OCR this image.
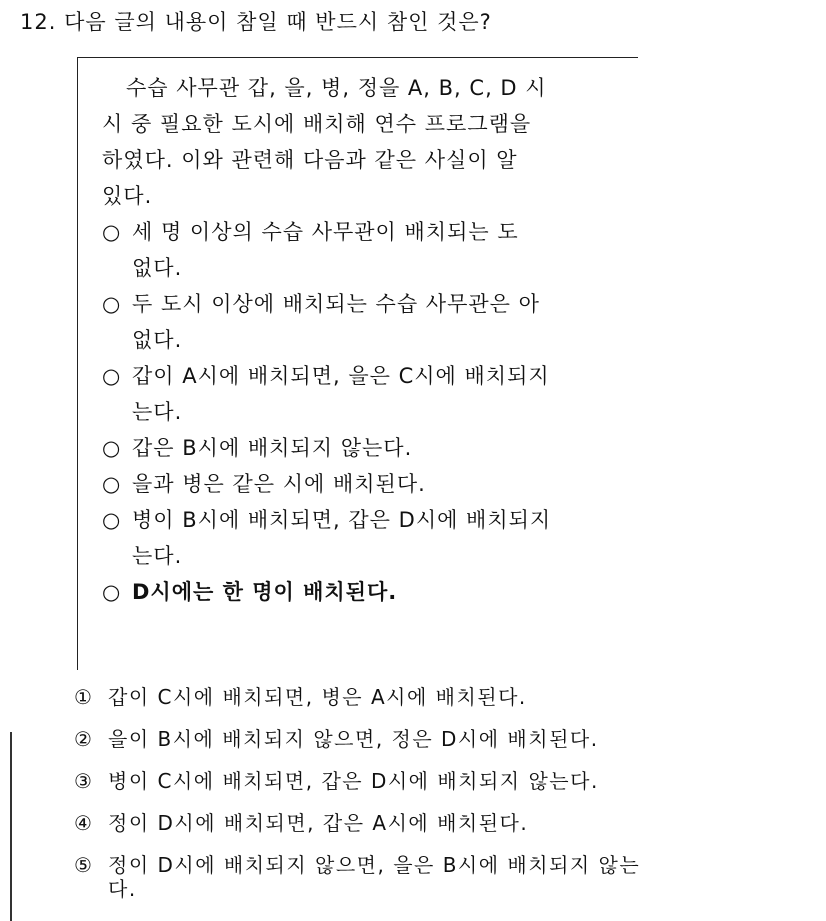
12. 다음 글의 내용이 참일 때 반드시 참인 것은?
수습 사무관 갑, 을, 병, 정을 A, B, C, D 시
시 중 필요한 도시에 배치해 연수 프로그램을
하였다. 이와 관련해 다음과 같은 사실이 알
있다.
○ 세 명 이상의 수습 사무관이 배치되는 도
없다.
○ 두 도시 이상에 배치되는 수습 사무관은 아
없다.
○ 갑이 A시에 배치되면, 을은 C시에 배치되지
는다.
○ 갑은 B시에 배치되지 않는다.
○ 을과 병은 같은 시에 배치된다.
○ 병이 B시에 배치되면, 갑은 D시에 배치되지
는다.
○ D시에는 한 명이 배치된다.
① 갑이 C시에 배치되면, 병은 A시에 배치된다.
② 을이 B시에 배치되지 않으면, 정은 D시에 배치된다.
③ 병이 C시에 배치되면, 갑은 D시에 배치되지 않는다.
④ 정이 D시에 배치되면, 갑은 A시에 배치된다.
⑤ 정이 D시에 배치되지 않으면, 을은 B시에 배치되지 않는
다.
